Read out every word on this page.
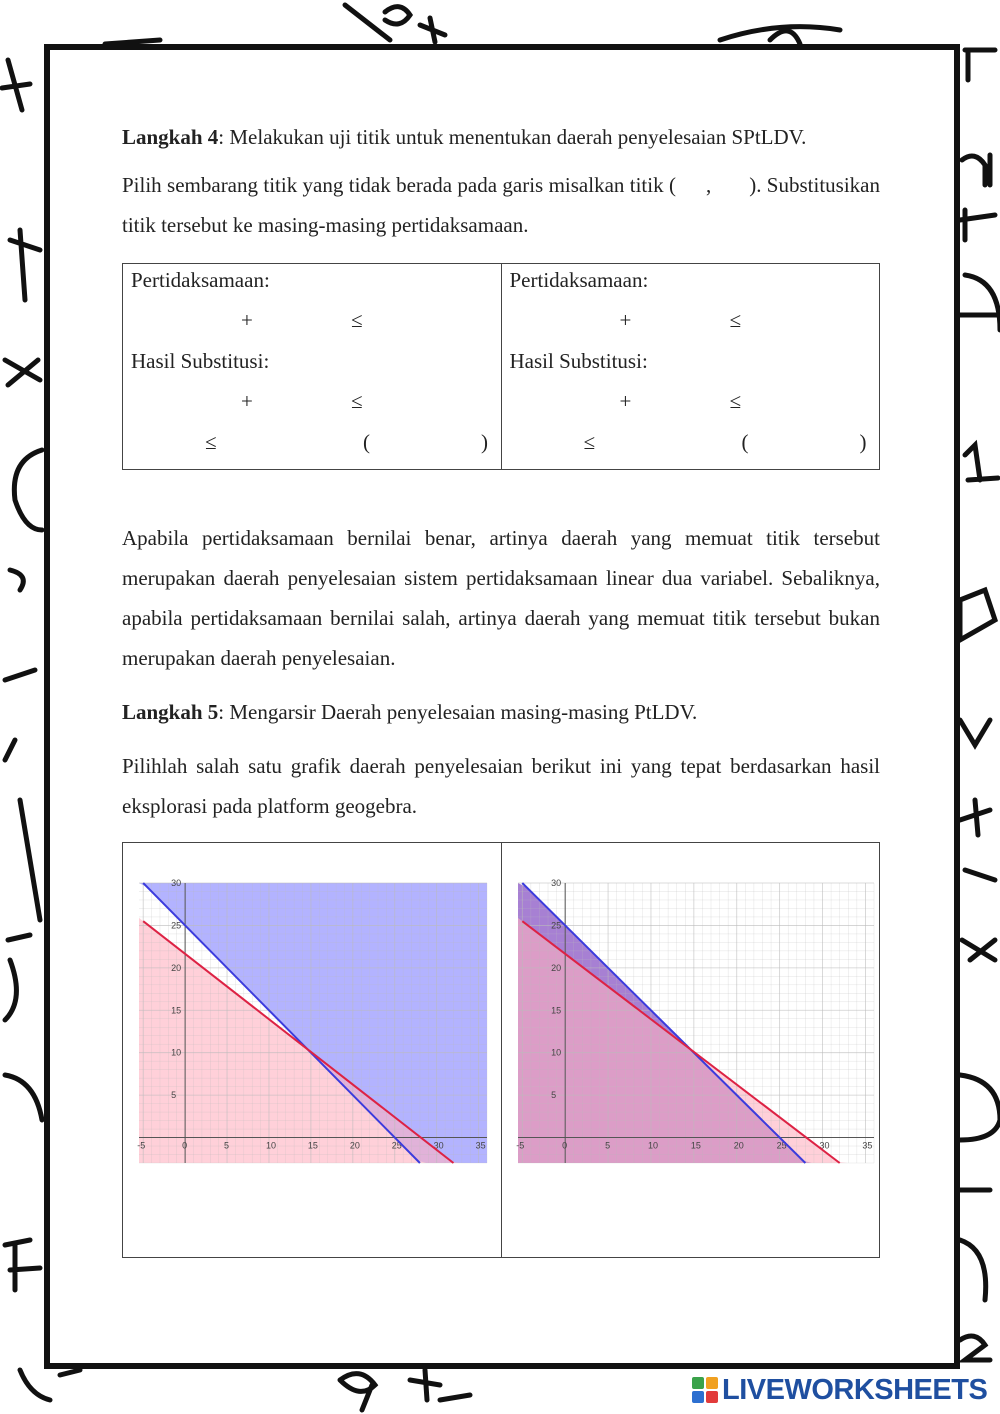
Langkah 4: Melakukan uji titik untuk menentukan daerah penyelesaian SPtLDV.

Pilih sembarang titik yang tidak berada pada garis misalkan titik ( , ). Substitusikan titik tersebut ke masing-masing pertidaksamaan.

Pertidaksamaan:
+	≤
Hasil Substitusi:
+	≤
≤	(	)

Pertidaksamaan:
+	≤
Hasil Substitusi:
+	≤
≤	(	)

Apabila pertidaksamaan bernilai benar, artinya daerah yang memuat titik tersebut merupakan daerah penyelesaian sistem pertidaksamaan linear dua variabel. Sebaliknya, apabila pertidaksamaan bernilai salah, artinya daerah yang memuat titik tersebut bukan merupakan daerah penyelesaian.

Langkah 5: Mengarsir Daerah penyelesaian masing-masing PtLDV.

Pilihlah salah satu grafik daerah penyelesaian berikut ini yang tepat berdasarkan hasil eksplorasi pada platform geogebra.

-5	0	5	10	15	20	25	30	35
5
10
15
20
25
30

-5	0	5	10	15	20	25	30	35
5
10
15
20
25
30
LIVEWORKSHEETS
